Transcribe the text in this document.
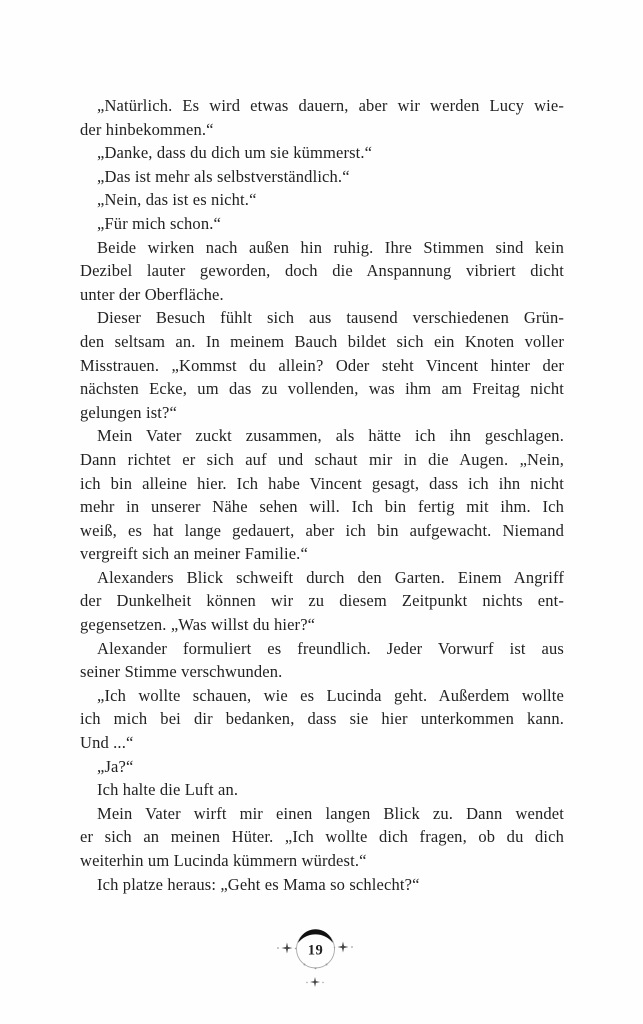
„Natürlich. Es wird etwas dauern, aber wir werden Lucy wie-
der hinbekommen.“
„Danke, dass du dich um sie kümmerst.“
„Das ist mehr als selbstverständlich.“
„Nein, das ist es nicht.“
„Für mich schon.“
Beide wirken nach außen hin ruhig. Ihre Stimmen sind kein
Dezibel lauter geworden, doch die Anspannung vibriert dicht
unter der Oberfläche.
Dieser Besuch fühlt sich aus tausend verschiedenen Grün-
den seltsam an. In meinem Bauch bildet sich ein Knoten voller
Misstrauen. „Kommst du allein? Oder steht Vincent hinter der
nächsten Ecke, um das zu vollenden, was ihm am Freitag nicht
gelungen ist?“
Mein Vater zuckt zusammen, als hätte ich ihn geschlagen.
Dann richtet er sich auf und schaut mir in die Augen. „Nein,
ich bin alleine hier. Ich habe Vincent gesagt, dass ich ihn nicht
mehr in unserer Nähe sehen will. Ich bin fertig mit ihm. Ich
weiß, es hat lange gedauert, aber ich bin aufgewacht. Niemand
vergreift sich an meiner Familie.“
Alexanders Blick schweift durch den Garten. Einem Angriff
der Dunkelheit können wir zu diesem Zeitpunkt nichts ent-
gegensetzen. „Was willst du hier?“
Alexander formuliert es freundlich. Jeder Vorwurf ist aus
seiner Stimme verschwunden.
„Ich wollte schauen, wie es Lucinda geht. Außerdem wollte
ich mich bei dir bedanken, dass sie hier unterkommen kann.
Und ...“
„Ja?“
Ich halte die Luft an.
Mein Vater wirft mir einen langen Blick zu. Dann wendet
er sich an meinen Hüter. „Ich wollte dich fragen, ob du dich
weiterhin um Lucinda kümmern würdest.“
Ich platze heraus: „Geht es Mama so schlecht?“
19
